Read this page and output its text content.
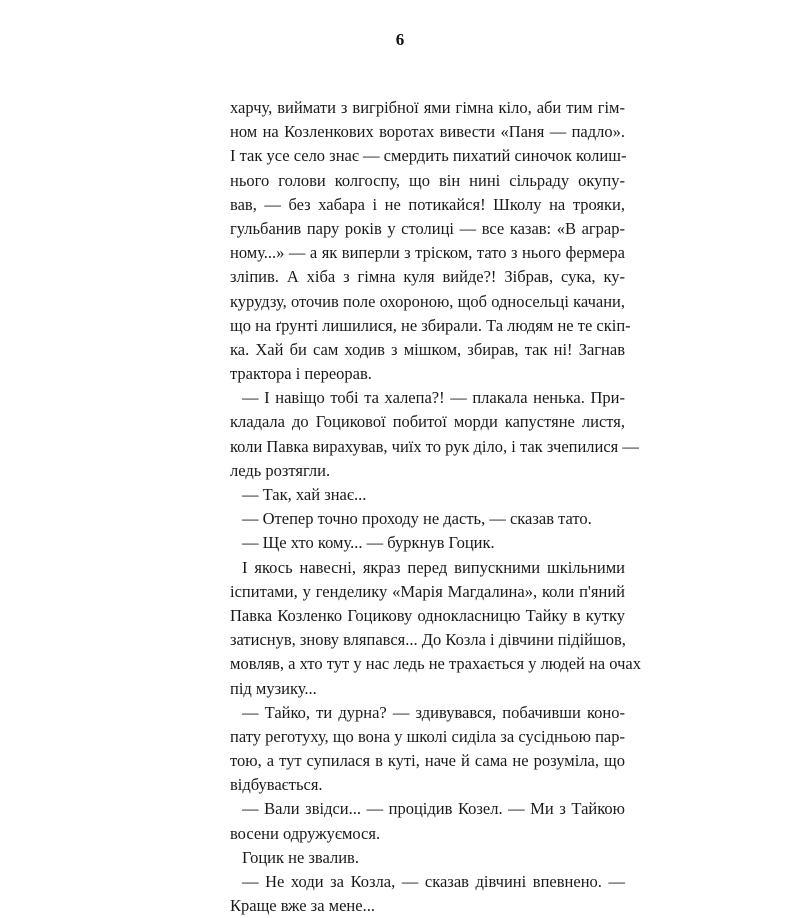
6
харчу, виймати з вигрібної ями гімна кіло, аби тим гім-
ном на Козленкових воротах вивести «Паня — падло».
І так усе село знає — смердить пихатий синочок колиш-
нього голови колгоспу, що він нині сільраду окупу-
вав, — без хабара і не потикайся! Школу на трояки,
гульбанив пару років у столиці — все казав: «В аграр-
ному...» — а як виперли з тріском, тато з нього фермера
зліпив. А хіба з гімна куля вийде?! Зібрав, сука, ку-
курудзу, оточив поле охороною, щоб односельці качани,
що на ґрунті лишилися, не збирали. Та людям не те скіп-
ка. Хай би сам ходив з мішком, збирав, так ні! Загнав
трактора і переорав.
— І навіщо тобі та халепа?! — плакала ненька. При-
кладала до Гоцикової побитої морди капустяне листя,
коли Павка вирахував, чиїх то рук діло, і так зчепилися —
ледь розтягли.
— Так, хай знає...
— Отепер точно проходу не дасть, — сказав тато.
— Ще хто кому... — буркнув Гоцик.
І якось навесні, якраз перед випускними шкільними
іспитами, у генделику «Марія Магдалина», коли п'яний
Павка Козленко Гоцикову однокласницю Тайку в кутку
затиснув, знову вляпався... До Козла і дівчини підійшов,
мовляв, а хто тут у нас ледь не трахається у людей на очах
під музику...
— Тайко, ти дурна? — здивувався, побачивши коно-
пату реготуху, що вона у школі сиділа за сусідньою пар-
тою, а тут супилася в куті, наче й сама не розуміла, що
відбувається.
— Вали звідси... — процідив Козел. — Ми з Тайкою
восени одружуємося.
Гоцик не звалив.
— Не ходи за Козла, — сказав дівчині впевнено. —
Краще вже за мене...
